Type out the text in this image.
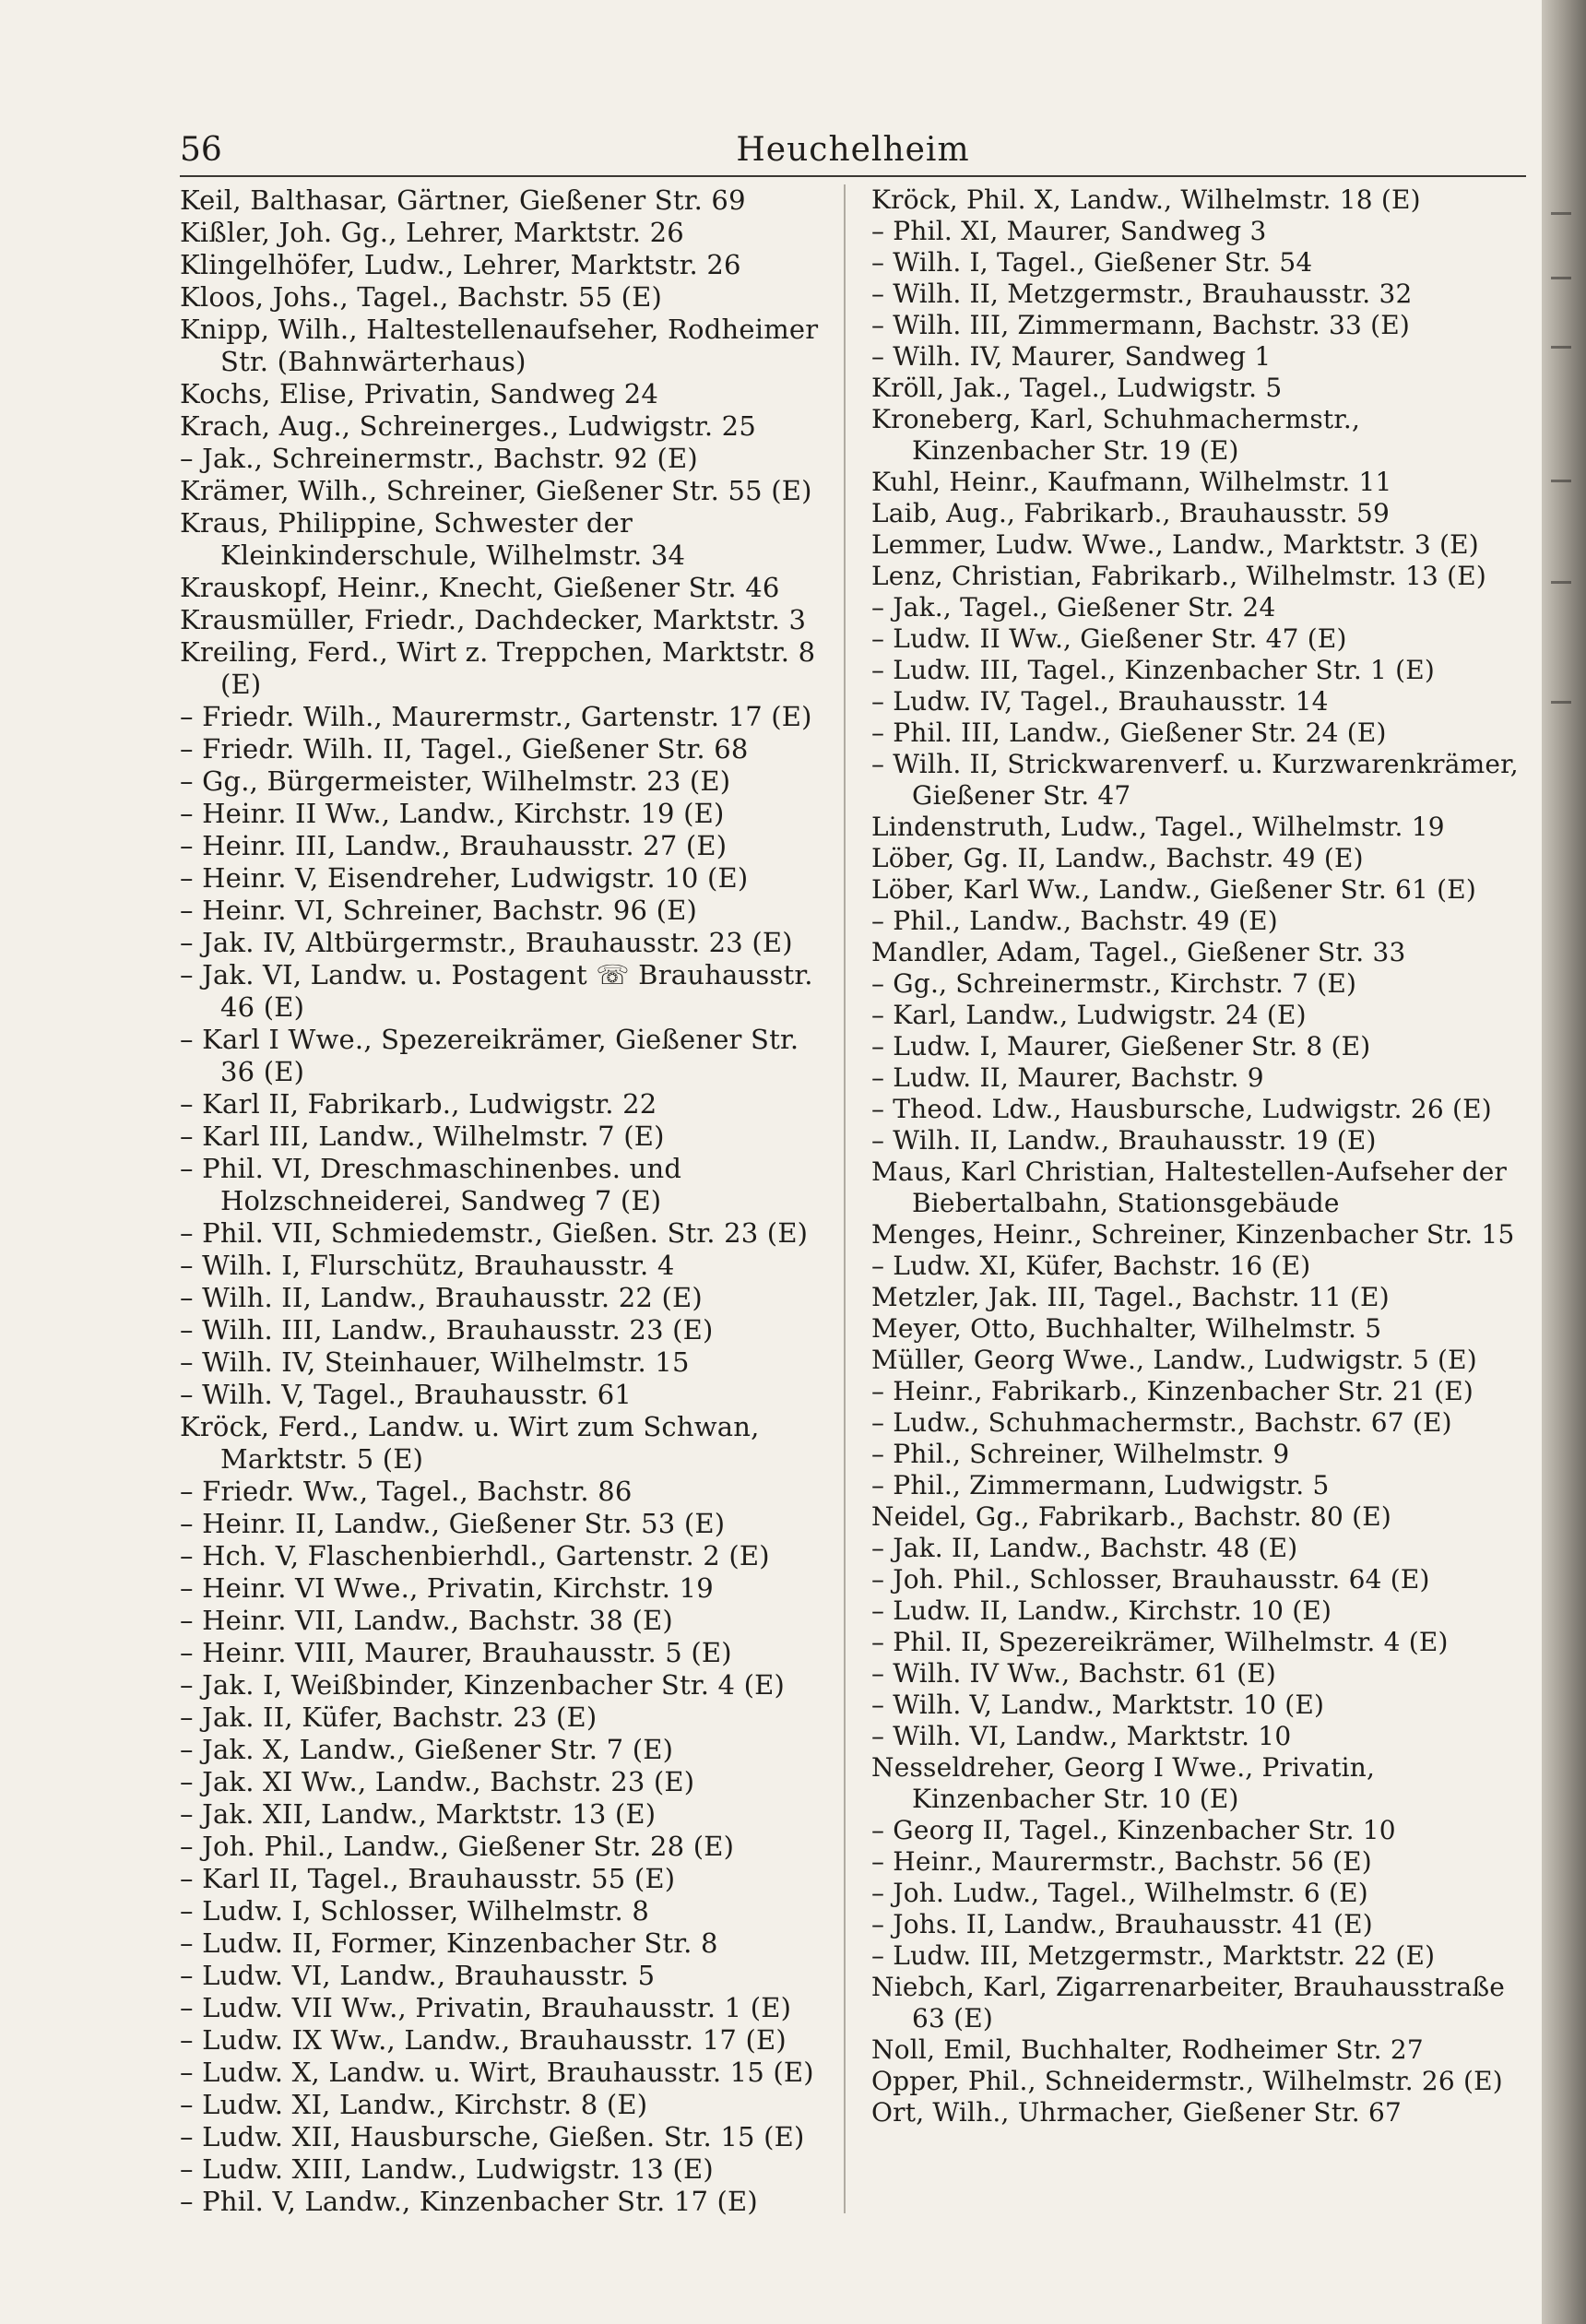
56	Heuchelheim
Keil, Balthasar, Gärtner, Gießener Str. 69
Kißler, Joh. Gg., Lehrer, Marktstr. 26
Klingelhöfer, Ludw., Lehrer, Marktstr. 26
Kloos, Johs., Tagel., Bachstr. 55 (E)
Knipp, Wilh., Haltestellenaufseher, Rodheimer Str. (Bahnwärterhaus)
Kochs, Elise, Privatin, Sandweg 24
Krach, Aug., Schreinerges., Ludwigstr. 25
– Jak., Schreinermstr., Bachstr. 92 (E)
Krämer, Wilh., Schreiner, Gießener Str. 55 (E)
Kraus, Philippine, Schwester der Kleinkinderschule, Wilhelmstr. 34
Krauskopf, Heinr., Knecht, Gießener Str. 46
Krausmüller, Friedr., Dachdecker, Marktstr. 3
Kreiling, Ferd., Wirt z. Treppchen, Marktstr. 8 (E)
– Friedr. Wilh., Maurermstr., Gartenstr. 17 (E)
– Friedr. Wilh. II, Tagel., Gießener Str. 68
– Gg., Bürgermeister, Wilhelmstr. 23 (E)
– Heinr. II Ww., Landw., Kirchstr. 19 (E)
– Heinr. III, Landw., Brauhausstr. 27 (E)
– Heinr. V, Eisendreher, Ludwigstr. 10 (E)
– Heinr. VI, Schreiner, Bachstr. 96 (E)
– Jak. IV, Altbürgermstr., Brauhausstr. 23 (E)
– Jak. VI, Landw. u. Postagent ☏ Brauhausstr. 46 (E)
– Karl I Wwe., Spezereikrämer, Gießener Str. 36 (E)
– Karl II, Fabrikarb., Ludwigstr. 22
– Karl III, Landw., Wilhelmstr. 7 (E)
– Phil. VI, Dreschmaschinenbes. und Holzschneiderei, Sandweg 7 (E)
– Phil. VII, Schmiedemstr., Gießen. Str. 23 (E)
– Wilh. I, Flurschütz, Brauhausstr. 4
– Wilh. II, Landw., Brauhausstr. 22 (E)
– Wilh. III, Landw., Brauhausstr. 23 (E)
– Wilh. IV, Steinhauer, Wilhelmstr. 15
– Wilh. V, Tagel., Brauhausstr. 61
Kröck, Ferd., Landw. u. Wirt zum Schwan, Marktstr. 5 (E)
– Friedr. Ww., Tagel., Bachstr. 86
– Heinr. II, Landw., Gießener Str. 53 (E)
– Hch. V, Flaschenbierhdl., Gartenstr. 2 (E)
– Heinr. VI Wwe., Privatin, Kirchstr. 19
– Heinr. VII, Landw., Bachstr. 38 (E)
– Heinr. VIII, Maurer, Brauhausstr. 5 (E)
– Jak. I, Weißbinder, Kinzenbacher Str. 4 (E)
– Jak. II, Küfer, Bachstr. 23 (E)
– Jak. X, Landw., Gießener Str. 7 (E)
– Jak. XI Ww., Landw., Bachstr. 23 (E)
– Jak. XII, Landw., Marktstr. 13 (E)
– Joh. Phil., Landw., Gießener Str. 28 (E)
– Karl II, Tagel., Brauhausstr. 55 (E)
– Ludw. I, Schlosser, Wilhelmstr. 8
– Ludw. II, Former, Kinzenbacher Str. 8
– Ludw. VI, Landw., Brauhausstr. 5
– Ludw. VII Ww., Privatin, Brauhausstr. 1 (E)
– Ludw. IX Ww., Landw., Brauhausstr. 17 (E)
– Ludw. X, Landw. u. Wirt, Brauhausstr. 15 (E)
– Ludw. XI, Landw., Kirchstr. 8 (E)
– Ludw. XII, Hausbursche, Gießen. Str. 15 (E)
– Ludw. XIII, Landw., Ludwigstr. 13 (E)
– Phil. V, Landw., Kinzenbacher Str. 17 (E)
Kröck, Phil. X, Landw., Wilhelmstr. 18 (E)
– Phil. XI, Maurer, Sandweg 3
– Wilh. I, Tagel., Gießener Str. 54
– Wilh. II, Metzgermstr., Brauhausstr. 32
– Wilh. III, Zimmermann, Bachstr. 33 (E)
– Wilh. IV, Maurer, Sandweg 1
Kröll, Jak., Tagel., Ludwigstr. 5
Kroneberg, Karl, Schuhmachermstr., Kinzenbacher Str. 19 (E)
Kuhl, Heinr., Kaufmann, Wilhelmstr. 11
Laib, Aug., Fabrikarb., Brauhausstr. 59
Lemmer, Ludw. Wwe., Landw., Marktstr. 3 (E)
Lenz, Christian, Fabrikarb., Wilhelmstr. 13 (E)
– Jak., Tagel., Gießener Str. 24
– Ludw. II Ww., Gießener Str. 47 (E)
– Ludw. III, Tagel., Kinzenbacher Str. 1 (E)
– Ludw. IV, Tagel., Brauhausstr. 14
– Phil. III, Landw., Gießener Str. 24 (E)
– Wilh. II, Strickwarenverf. u. Kurzwarenkrämer, Gießener Str. 47
Lindenstruth, Ludw., Tagel., Wilhelmstr. 19
Löber, Gg. II, Landw., Bachstr. 49 (E)
Löber, Karl Ww., Landw., Gießener Str. 61 (E)
– Phil., Landw., Bachstr. 49 (E)
Mandler, Adam, Tagel., Gießener Str. 33
– Gg., Schreinermstr., Kirchstr. 7 (E)
– Karl, Landw., Ludwigstr. 24 (E)
– Ludw. I, Maurer, Gießener Str. 8 (E)
– Ludw. II, Maurer, Bachstr. 9
– Theod. Ldw., Hausbursche, Ludwigstr. 26 (E)
– Wilh. II, Landw., Brauhausstr. 19 (E)
Maus, Karl Christian, Haltestellen-Aufseher der Biebertalbahn, Stationsgebäude
Menges, Heinr., Schreiner, Kinzenbacher Str. 15
– Ludw. XI, Küfer, Bachstr. 16 (E)
Metzler, Jak. III, Tagel., Bachstr. 11 (E)
Meyer, Otto, Buchhalter, Wilhelmstr. 5
Müller, Georg Wwe., Landw., Ludwigstr. 5 (E)
– Heinr., Fabrikarb., Kinzenbacher Str. 21 (E)
– Ludw., Schuhmachermstr., Bachstr. 67 (E)
– Phil., Schreiner, Wilhelmstr. 9
– Phil., Zimmermann, Ludwigstr. 5
Neidel, Gg., Fabrikarb., Bachstr. 80 (E)
– Jak. II, Landw., Bachstr. 48 (E)
– Joh. Phil., Schlosser, Brauhausstr. 64 (E)
– Ludw. II, Landw., Kirchstr. 10 (E)
– Phil. II, Spezereikrämer, Wilhelmstr. 4 (E)
– Wilh. IV Ww., Bachstr. 61 (E)
– Wilh. V, Landw., Marktstr. 10 (E)
– Wilh. VI, Landw., Marktstr. 10
Nesseldreher, Georg I Wwe., Privatin, Kinzenbacher Str. 10 (E)
– Georg II, Tagel., Kinzenbacher Str. 10
– Heinr., Maurermstr., Bachstr. 56 (E)
– Joh. Ludw., Tagel., Wilhelmstr. 6 (E)
– Johs. II, Landw., Brauhausstr. 41 (E)
– Ludw. III, Metzgermstr., Marktstr. 22 (E)
Niebch, Karl, Zigarrenarbeiter, Brauhausstraße 63 (E)
Noll, Emil, Buchhalter, Rodheimer Str. 27
Opper, Phil., Schneidermstr., Wilhelmstr. 26 (E)
Ort, Wilh., Uhrmacher, Gießener Str. 67
